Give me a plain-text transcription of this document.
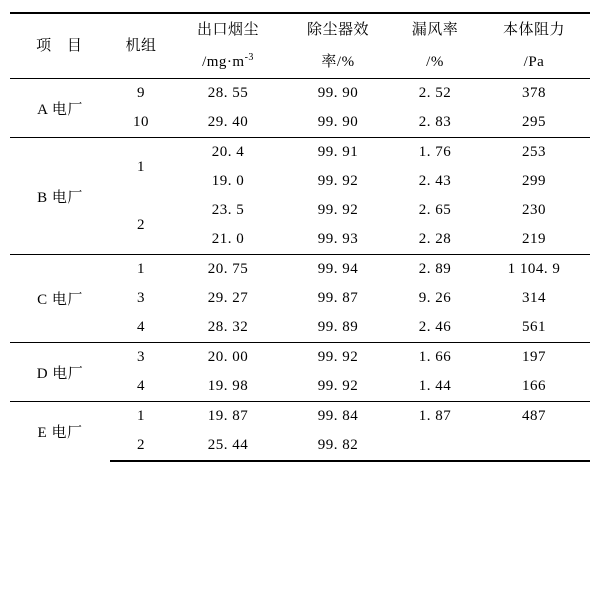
项 目	机组	出口烟尘	除尘器效	漏风率	本体阻力
		$/mg\cdot m^{-3}$	率/%	/%	/Pa
A 电厂	9	28. 55	99. 90	2. 52	378
	10	29. 40	99. 90	2. 83	295
B 电厂	1	20. 4	99. 91	1. 76	253
		19. 0	99. 92	2. 43	299
	2	23. 5	99. 92	2. 65	230
		21. 0	99. 93	2. 28	219
C 电厂	1	20. 75	99. 94	2. 89	1 104. 9
	3	29. 27	99. 87	9. 26	314
	4	28. 32	99. 89	2. 46	561
D 电厂	3	20. 00	99. 92	1. 66	197
	4	19. 98	99. 92	1. 44	166
E 电厂	1	19. 87	99. 84	1. 87	487
	2	25. 44	99. 82		
